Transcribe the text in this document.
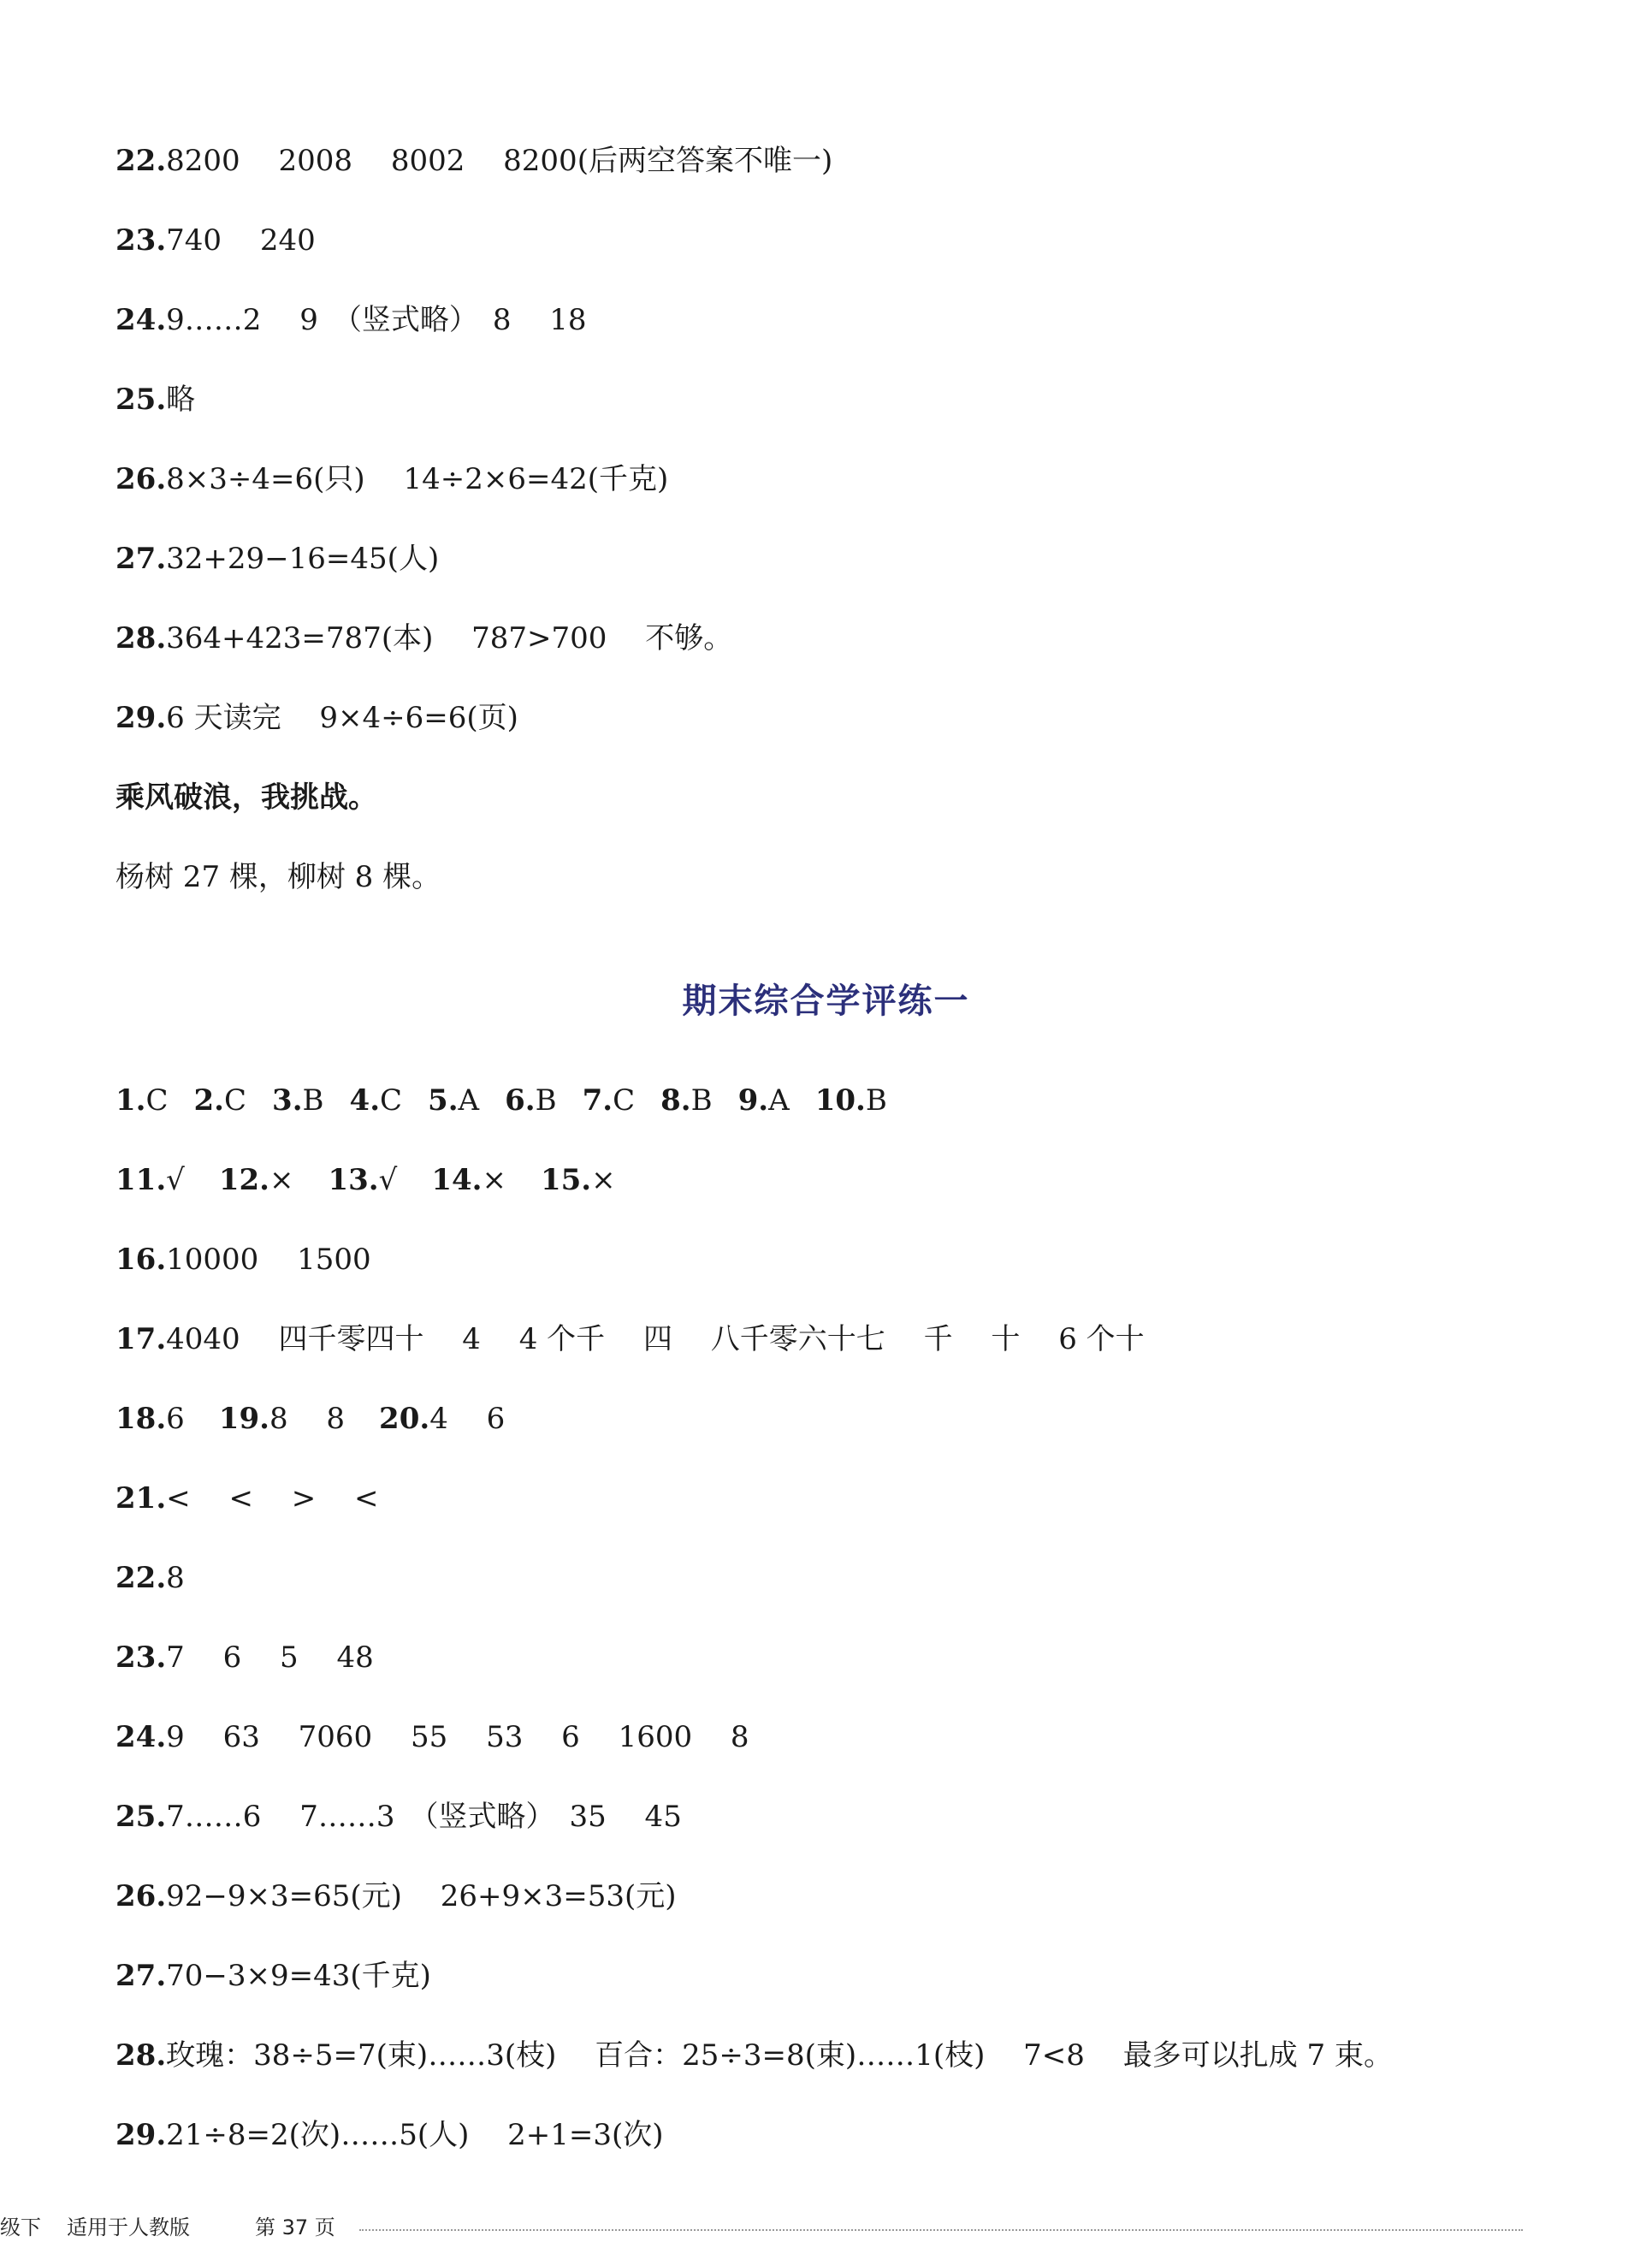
22.8200　 2008　 8002　 8200(后两空答案不唯一)
23.740　 240
24.9……2　 9　（竖式略）　8　 18
25.略
26.8×3÷4=6(只)　 14÷2×6=42(千克)
27.32+29−16=45(人)
28.364+423=787(本)　 787>700　 不够。
29.6 天读完　 9×4÷6=6(页)
乘风破浪，我挑战。
杨树 27 棵，柳树 8 棵。
期末综合学评练一
1.C 2.C 3.B 4.C 5.A 6.B 7.C 8.B 9.A 10.B
11.√ 12.× 13.√ 14.× 15.×
16.10000　 1500
17.4040　 四千零四十　 4　 4 个千　 四　 八千零六十七　 千　 十　 6 个十
18.6 19.8　 8 20.4　 6
21.<　 <　 >　 <
22.8
23.7　 6　 5　 48
24.9　 63　 7060　 55　 53　 6　 1600　 8
25.7……6　 7……3　（竖式略）　35　 45
26.92−9×3=65(元)　 26+9×3=53(元)
27.70−3×9=43(千克)
28.玫瑰：38÷5=7(束)……3(枝)　 百合：25÷3=8(束)……1(枝)　 7<8　 最多可以扎成 7 束。
29.21÷8=2(次)……5(人)　 2+1=3(次)
级下 适用于人教版	第 37 页
